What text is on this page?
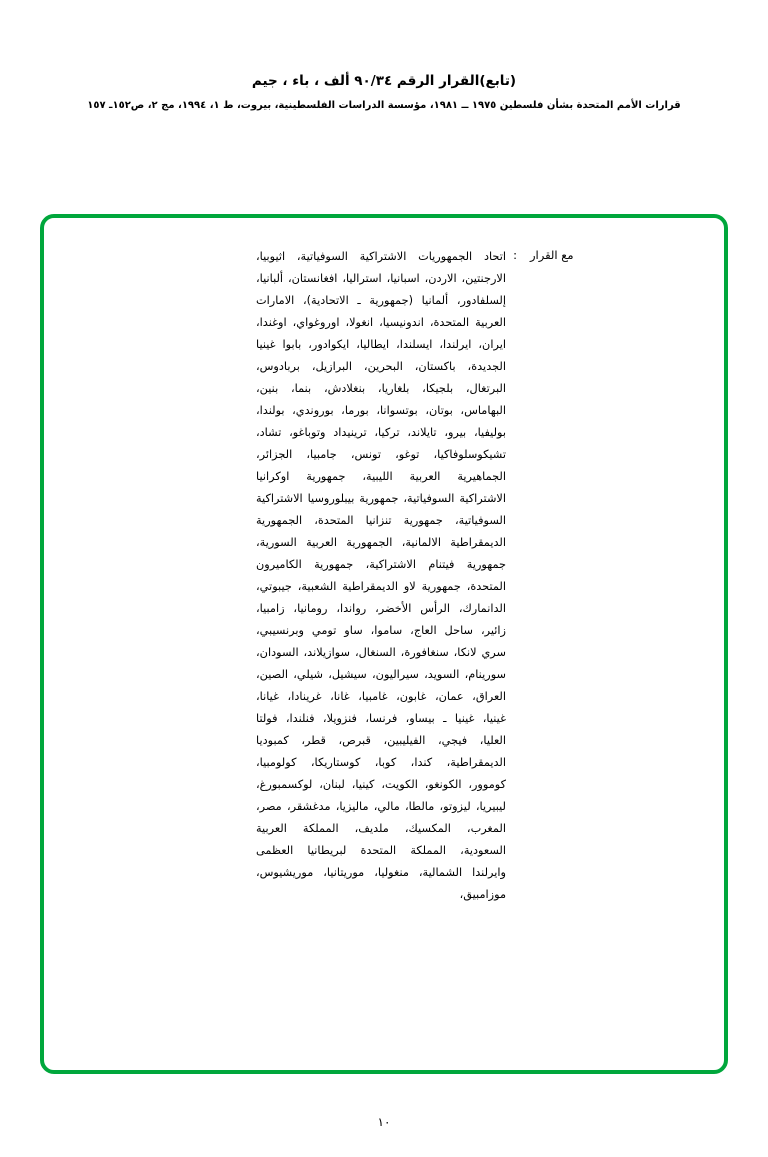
(تابع)القرار الرقم ٩٠/٣٤ ألف ، باء ، جيم
قرارات الأمم المتحدة بشأن فلسطين ١٩٧٥ ــ ١٩٨١، مؤسسة الدراسات الفلسطينية، بيروت، ط ١، ١٩٩٤، مج ٢، ص١٥٢ـ ١٥٧
مع القرار
:

اتحاد الجمهوريات الاشتراكية السوفياتية، اثيوبيا، الارجنتين، الاردن، اسبانيا، استراليا، افغانستان، ألبانيا، إلسلفادور، ألمانيا (جمهورية ـ الاتحادية)، الامارات العربية المتحدة، اندونيسيا، انغولا، اوروغواي، اوغندا، ايران، ايرلندا، ايسلندا، ايطاليا، ايكوادور، بابوا غينيا الجديدة، باكستان، البحرين، البرازيل، بربادوس، البرتغال، بلجيكا، بلغاريا، بنغلادش، بنما، بنين، البهاماس، بوتان، بوتسوانا، بورما، بوروندي، بولندا، بوليفيا، بيرو، تايلاند، تركيا، ترينيداد وتوباغو، تشاد، تشيكوسلوفاكيا، توغو، تونس، جامبيا، الجزائر، الجماهيرية العربية الليبية، جمهورية اوكرانيا الاشتراكية السوفياتية، جمهورية بيبلوروسيا الاشتراكية السوفياتية، جمهورية تنزانيا المتحدة، الجمهورية الديمقراطية الالمانية، الجمهورية العربية السورية، جمهورية فيتنام الاشتراكية، جمهورية الكاميرون المتحدة، جمهورية لاو الديمقراطية الشعبية، جيبوتي، الدانمارك، الرأس الأخضر، رواندا، رومانيا، زامبيا، زائير، ساحل العاج، ساموا، ساو تومي وبرنسيبي، سري لانكا، سنغافورة، السنغال، سوازيلاند، السودان، سورينام، السويد، سيراليون، سيشيل، شيلي، الصين، العراق، عمان، غابون، غامبيا، غانا، غرينادا، غيانا، غينيا، غينيا ـ بيساو، فرنسا، فنزويلا، فنلندا، فولتا العليا، فيجي، الفيليبين، قبرص، قطر، كمبوديا الديمقراطية، كندا، كوبا، كوستاريكا، كولومبيا، كوموور، الكونغو، الكويت، كينيا، لبنان، لوكسمبورغ، ليبيريا، ليزوتو، مالطا، مالي، ماليزيا، مدغشقر، مصر، المغرب، المكسيك، ملديف، المملكة العربية السعودية، المملكة المتحدة لبريطانيا العظمى وايرلندا الشمالية، منغوليا، موريتانيا، موريشيوس، موزامبيق،

١٠
